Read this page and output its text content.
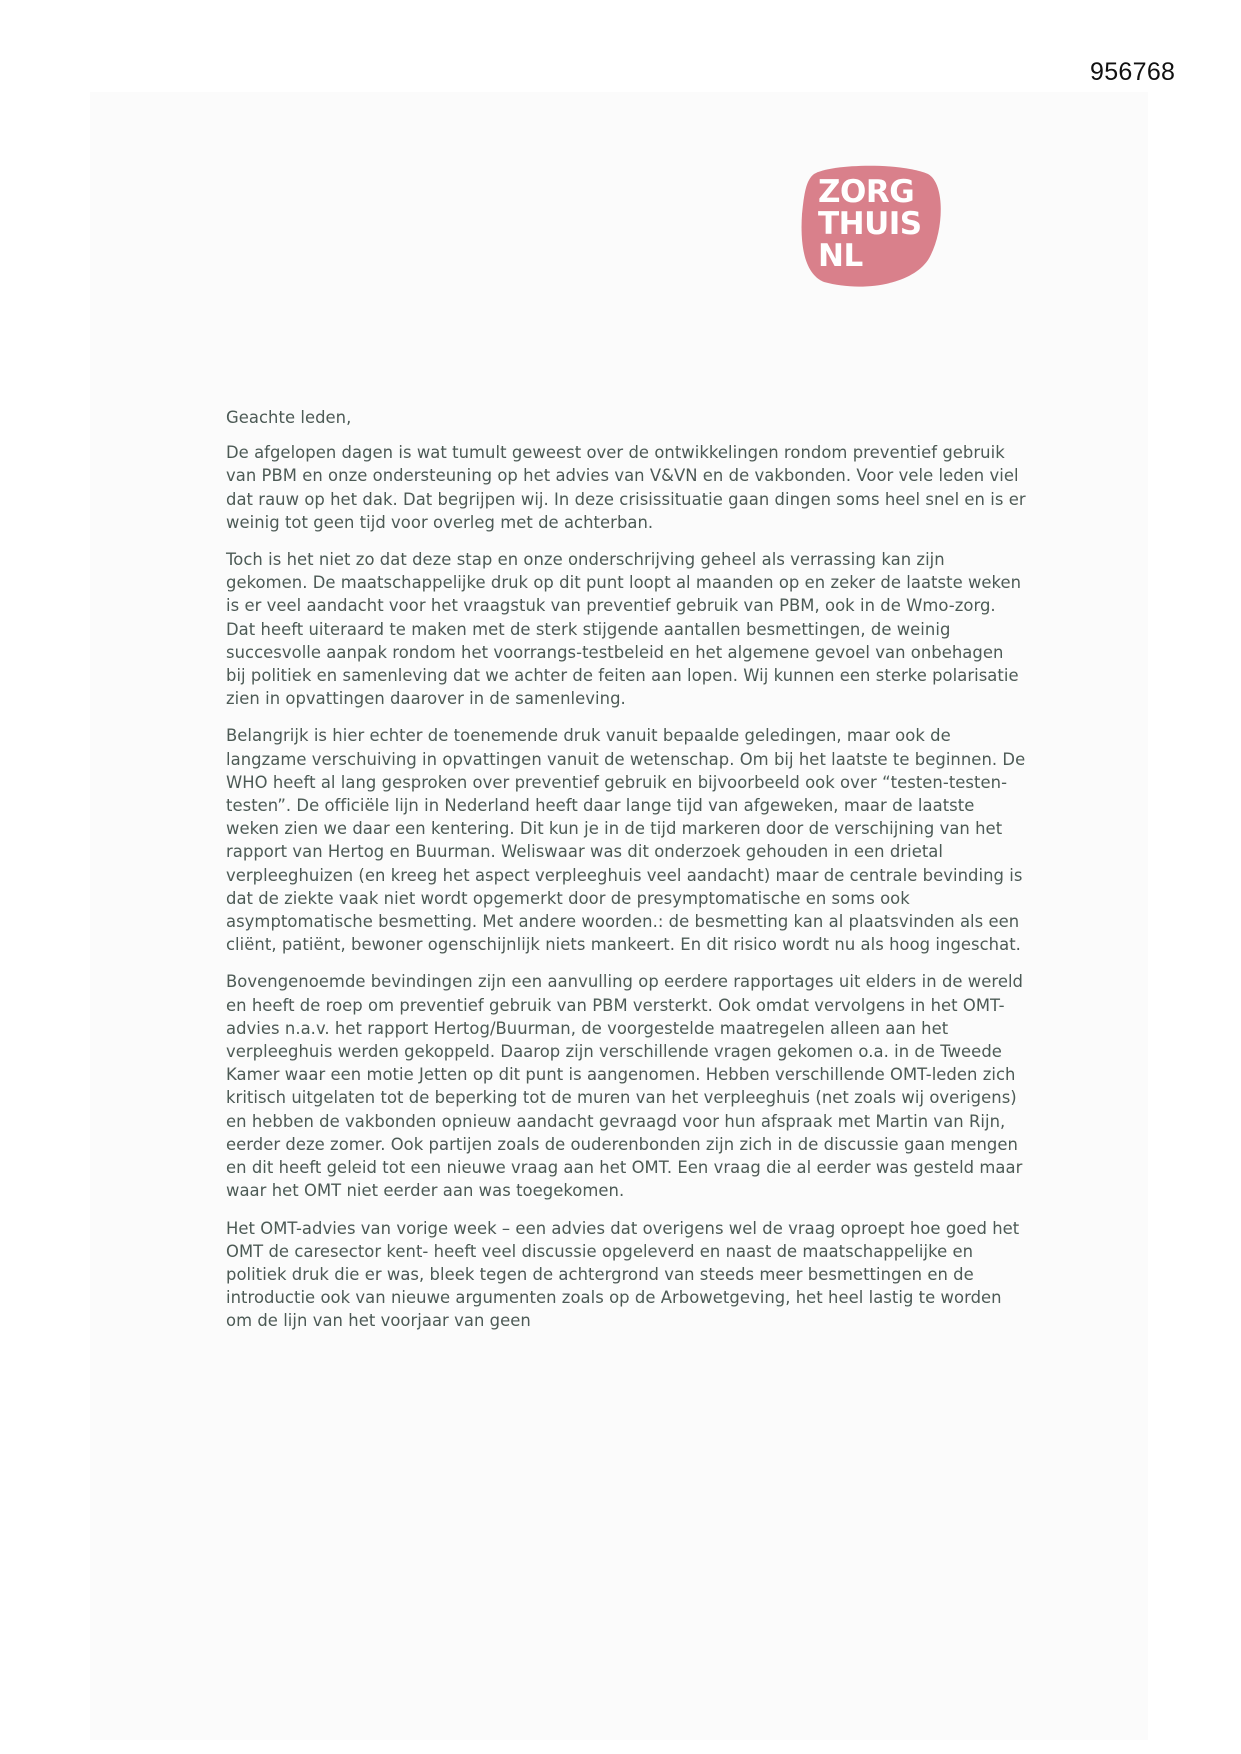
956768
ZORG
THUIS
NL

Geachte leden,

De afgelopen dagen is wat tumult geweest over de ontwikkelingen rondom preventief gebruik van PBM en onze ondersteuning op het advies van V&VN en de vakbonden. Voor vele leden viel dat rauw op het dak. Dat begrijpen wij. In deze crisissituatie gaan dingen soms heel snel en is er weinig tot geen tijd voor overleg met de achterban.

Toch is het niet zo dat deze stap en onze onderschrijving geheel als verrassing kan zijn gekomen. De maatschappelijke druk op dit punt loopt al maanden op en zeker de laatste weken is er veel aandacht voor het vraagstuk van preventief gebruik van PBM, ook in de Wmo-zorg. Dat heeft uiteraard te maken met de sterk stijgende aantallen besmettingen, de weinig succesvolle aanpak rondom het voorrangs-testbeleid en het algemene gevoel van onbehagen bij politiek en samenleving dat we achter de feiten aan lopen. Wij kunnen een sterke polarisatie zien in opvattingen daarover in de samenleving.

Belangrijk is hier echter de toenemende druk vanuit bepaalde geledingen, maar ook de langzame verschuiving in opvattingen vanuit de wetenschap. Om bij het laatste te beginnen. De WHO heeft al lang gesproken over preventief gebruik en bijvoorbeeld ook over “testen-testen-testen”. De officiële lijn in Nederland heeft daar lange tijd van afgeweken, maar de laatste weken zien we daar een kentering. Dit kun je in de tijd markeren door de verschijning van het rapport van Hertog en Buurman. Weliswaar was dit onderzoek gehouden in een drietal verpleeghuizen (en kreeg het aspect verpleeghuis veel aandacht) maar de centrale bevinding is dat de ziekte vaak niet wordt opgemerkt door de presymptomatische en soms ook asymptomatische besmetting. Met andere woorden.: de besmetting kan al plaatsvinden als een cliënt, patiënt, bewoner ogenschijnlijk niets mankeert. En dit risico wordt nu als hoog ingeschat.

Bovengenoemde bevindingen zijn een aanvulling op eerdere rapportages uit elders in de wereld en heeft de roep om preventief gebruik van PBM versterkt. Ook omdat vervolgens in het OMT-advies n.a.v. het rapport Hertog/Buurman, de voorgestelde maatregelen alleen aan het verpleeghuis werden gekoppeld. Daarop zijn verschillende vragen gekomen o.a. in de Tweede Kamer waar een motie Jetten op dit punt is aangenomen. Hebben verschillende OMT-leden zich kritisch uitgelaten tot de beperking tot de muren van het verpleeghuis (net zoals wij overigens) en hebben de vakbonden opnieuw aandacht gevraagd voor hun afspraak met Martin van Rijn, eerder deze zomer. Ook partijen zoals de ouderenbonden zijn zich in de discussie gaan mengen en dit heeft geleid tot een nieuwe vraag aan het OMT. Een vraag die al eerder was gesteld maar waar het OMT niet eerder aan was toegekomen.

Het OMT-advies van vorige week – een advies dat overigens wel de vraag oproept hoe goed het OMT de caresector kent- heeft veel discussie opgeleverd en naast de maatschappelijke en politiek druk die er was, bleek tegen de achtergrond van steeds meer besmettingen en de introductie ook van nieuwe argumenten zoals op de Arbowetgeving, het heel lastig te worden om de lijn van het voorjaar van geen
